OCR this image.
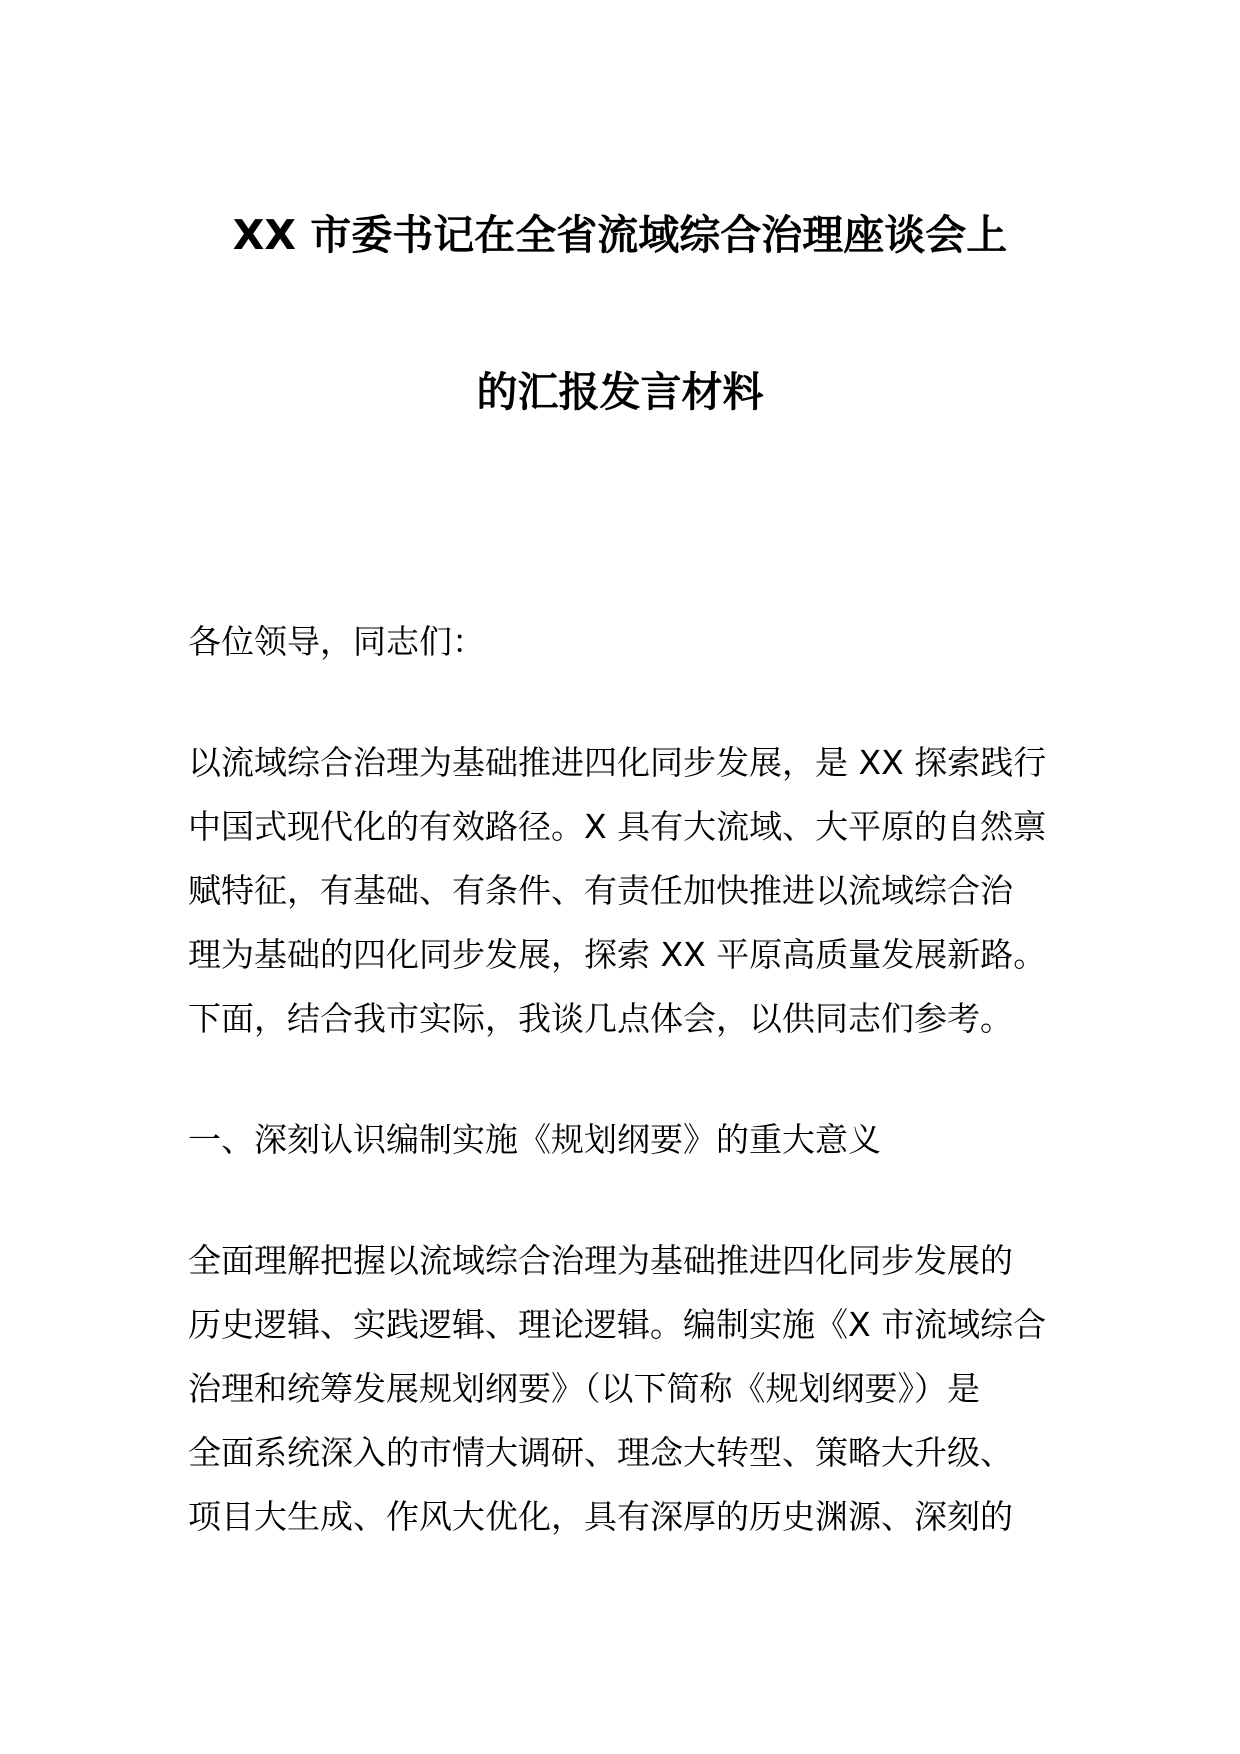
XX 市委书记在全省流域综合治理座谈会上
的汇报发言材料
各位领导，同志们：
以流域综合治理为基础推进四化同步发展，是 XX 探索践行
中国式现代化的有效路径。X 具有大流域、大平原的自然禀
赋特征，有基础、有条件、有责任加快推进以流域综合治
理为基础的四化同步发展，探索 XX 平原高质量发展新路。
下面，结合我市实际，我谈几点体会，以供同志们参考。
一、深刻认识编制实施《规划纲要》的重大意义
全面理解把握以流域综合治理为基础推进四化同步发展的
历史逻辑、实践逻辑、理论逻辑。编制实施《X 市流域综合
治理和统筹发展规划纲要》（以下简称《规划纲要》）是
全面系统深入的市情大调研、理念大转型、策略大升级、
项目大生成、作风大优化，具有深厚的历史渊源、深刻的
